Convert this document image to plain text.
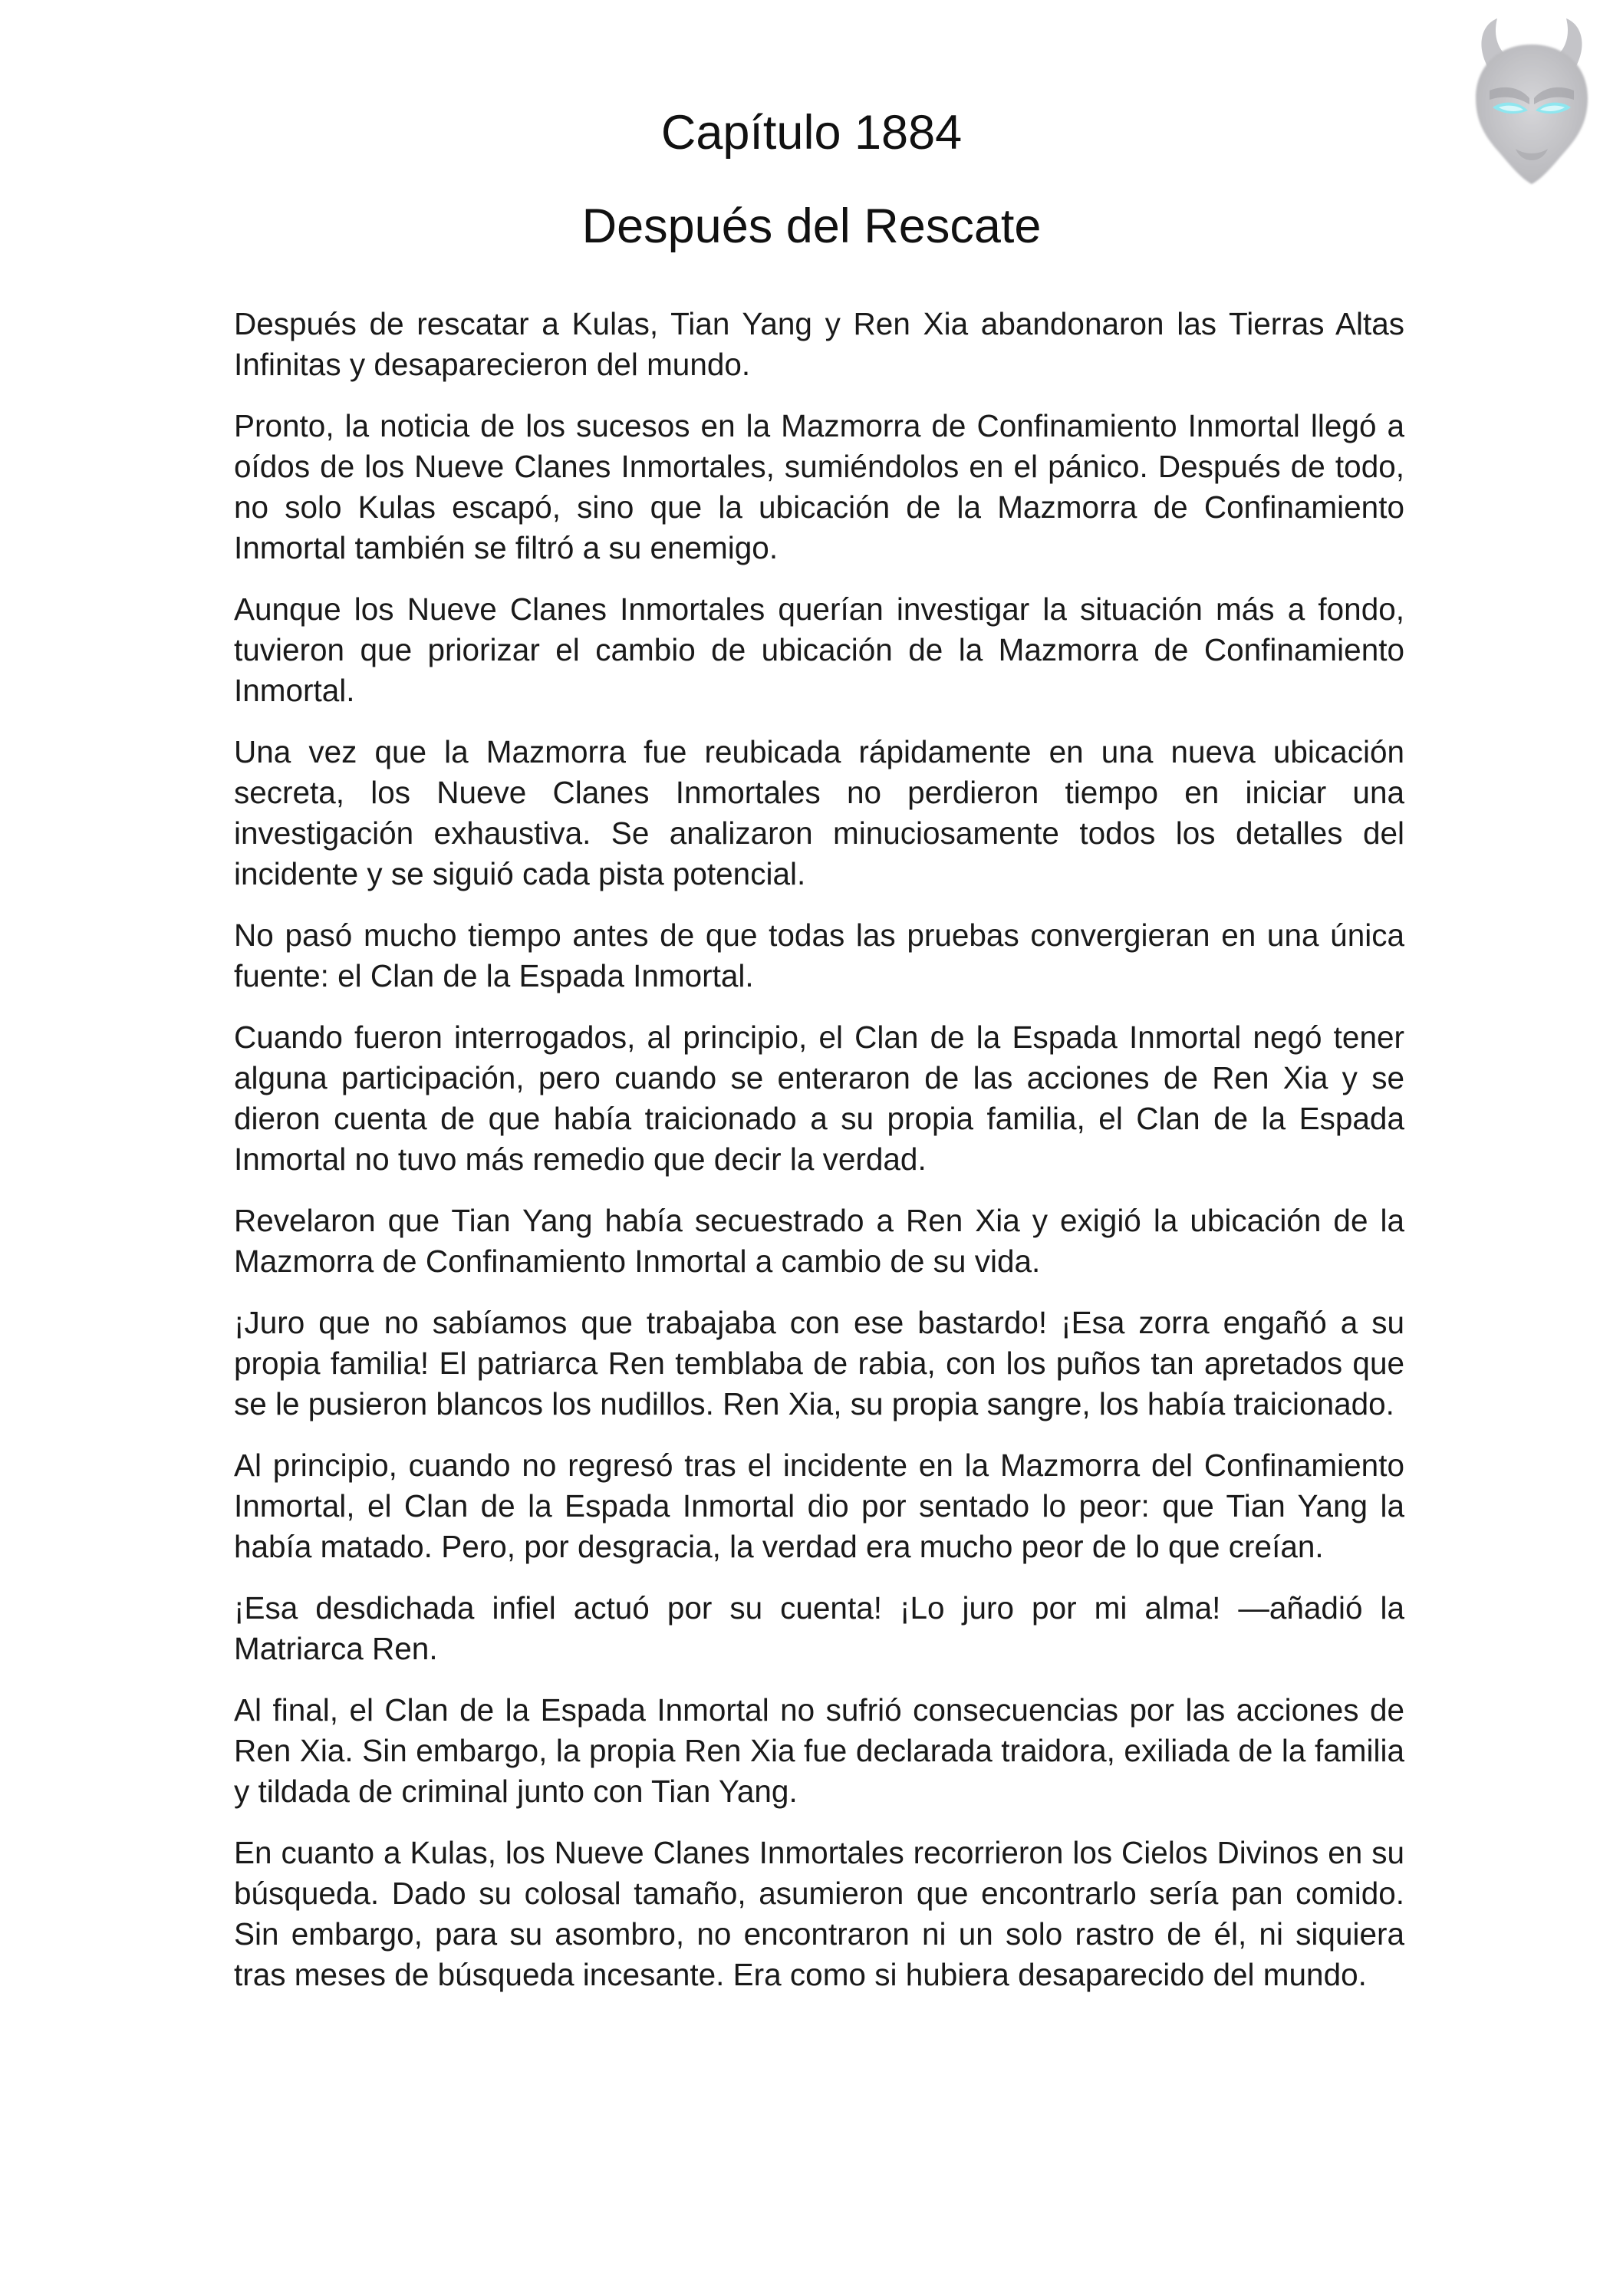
Capítulo 1884
Después del Rescate

Después de rescatar a Kulas, Tian Yang y Ren Xia abandonaron las Tierras Altas Infinitas y desaparecieron del mundo.

Pronto, la noticia de los sucesos en la Mazmorra de Confinamiento Inmortal llegó a oídos de los Nueve Clanes Inmortales, sumiéndolos en el pánico. Después de todo, no solo Kulas escapó, sino que la ubicación de la Mazmorra de Confinamiento Inmortal también se filtró a su enemigo.

Aunque los Nueve Clanes Inmortales querían investigar la situación más a fondo, tuvieron que priorizar el cambio de ubicación de la Mazmorra de Confinamiento Inmortal.

Una vez que la Mazmorra fue reubicada rápidamente en una nueva ubicación secreta, los Nueve Clanes Inmortales no perdieron tiempo en iniciar una investigación exhaustiva. Se analizaron minuciosamente todos los detalles del incidente y se siguió cada pista potencial.

No pasó mucho tiempo antes de que todas las pruebas convergieran en una única fuente: el Clan de la Espada Inmortal.

Cuando fueron interrogados, al principio, el Clan de la Espada Inmortal negó tener alguna participación, pero cuando se enteraron de las acciones de Ren Xia y se dieron cuenta de que había traicionado a su propia familia, el Clan de la Espada Inmortal no tuvo más remedio que decir la verdad.

Revelaron que Tian Yang había secuestrado a Ren Xia y exigió la ubicación de la Mazmorra de Confinamiento Inmortal a cambio de su vida.

¡Juro que no sabíamos que trabajaba con ese bastardo! ¡Esa zorra engañó a su propia familia! El patriarca Ren temblaba de rabia, con los puños tan apretados que se le pusieron blancos los nudillos. Ren Xia, su propia sangre, los había traicionado.

Al principio, cuando no regresó tras el incidente en la Mazmorra del Confinamiento Inmortal, el Clan de la Espada Inmortal dio por sentado lo peor: que Tian Yang la había matado. Pero, por desgracia, la verdad era mucho peor de lo que creían.

¡Esa desdichada infiel actuó por su cuenta! ¡Lo juro por mi alma! —añadió la Matriarca Ren.

Al final, el Clan de la Espada Inmortal no sufrió consecuencias por las acciones de Ren Xia. Sin embargo, la propia Ren Xia fue declarada traidora, exiliada de la familia y tildada de criminal junto con Tian Yang.

En cuanto a Kulas, los Nueve Clanes Inmortales recorrieron los Cielos Divinos en su búsqueda. Dado su colosal tamaño, asumieron que encontrarlo sería pan comido. Sin embargo, para su asombro, no encontraron ni un solo rastro de él, ni siquiera tras meses de búsqueda incesante. Era como si hubiera desaparecido del mundo.
